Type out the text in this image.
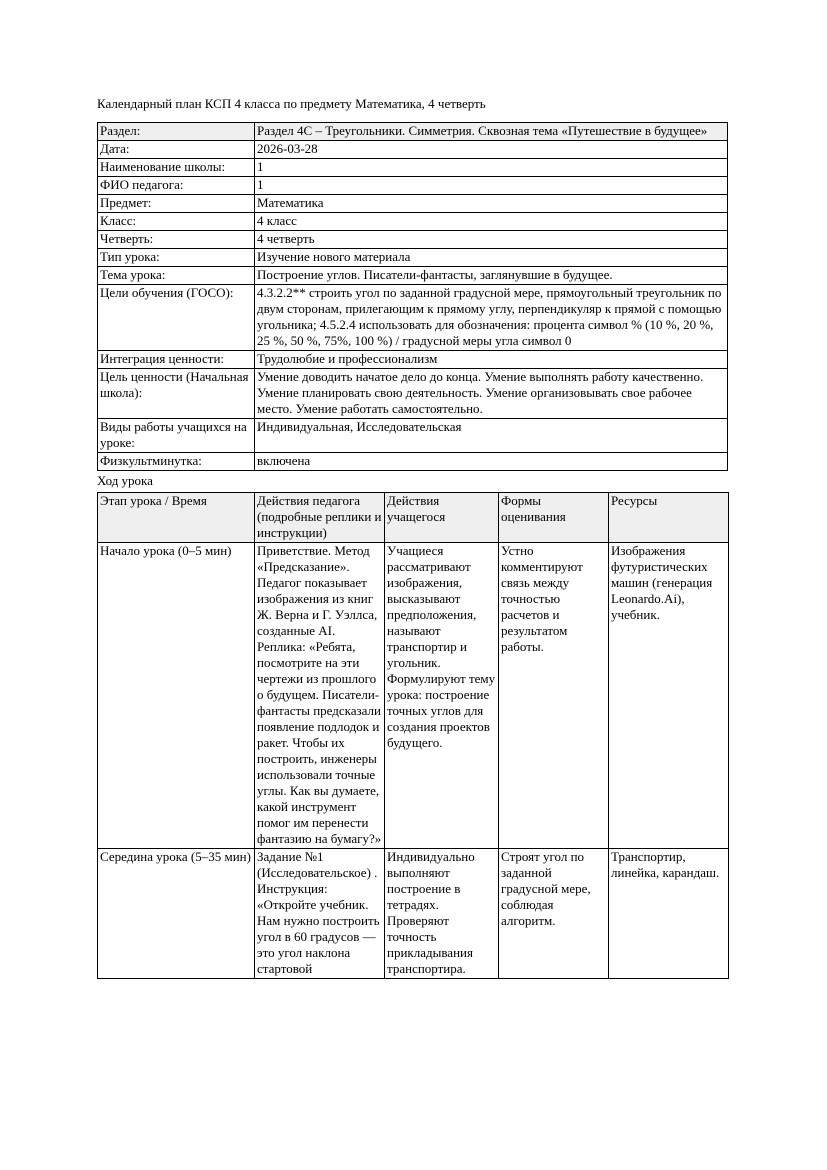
Календарный план КСП 4 класса по предмету Математика, 4 четверть

Раздел:	Раздел 4С – Треугольники. Симметрия. Сквозная тема «Путешествие в будущее»
Дата:	2026-03-28
Наименование школы:	1
ФИО педагога:	1
Предмет:	Математика
Класс:	4 класс
Четверть:	4 четверть
Тип урока:	Изучение нового материала
Тема урока:	Построение углов. Писатели-фантасты, заглянувшие в будущее.
Цели обучения (ГОСО):	4.3.2.2** строить угол по заданной градусной мере, прямоугольный треугольник по двум сторонам, прилегающим к прямому углу, перпендикуляр к прямой с помощью угольника; 4.5.2.4 использовать для обозначения: процента символ % (10 %, 20 %, 25 %, 50 %, 75%, 100 %) / градусной меры угла символ 0
Интеграция ценности:	Трудолюбие и профессионализм
Цель ценности (Начальная школа):	Умение доводить начатое дело до конца. Умение выполнять работу качественно. Умение планировать свою деятельность. Умение организовывать свое рабочее место. Умение работать самостоятельно.
Виды работы учащихся на уроке:	Индивидуальная, Исследовательская
Физкультминутка:	включена

Ход урока

Этап урока / Время	Действия педагога (подробные реплики и инструкции)	Действия учащегося	Формы оценивания	Ресурсы
Начало урока (0–5 мин)	Приветствие. Метод «Предсказание». Педагог показывает изображения из книг Ж. Верна и Г. Уэллса, созданные AI. Реплика: «Ребята, посмотрите на эти чертежи из прошлого о будущем. Писатели-фантасты предсказали появление подлодок и ракет. Чтобы их построить, инженеры использовали точные углы. Как вы думаете, какой инструмент помог им перенести фантазию на бумагу?»	Учащиеся рассматривают изображения, высказывают предположения, называют транспортир и угольник. Формулируют тему урока: построение точных углов для создания проектов будущего.	Устно комментируют связь между точностью расчетов и результатом работы.	Изображения футуристических машин (генерация Leonardo.Ai), учебник.

Середина урока (5–35 мин)	Задание №1 (Исследовательское) . Инструкция: «Откройте учебник. Нам нужно построить угол в 60 градусов — это угол наклона стартовой	Индивидуально выполняют построение в тетрадях. Проверяют точность прикладывания транспортира.	Строят угол по заданной градусной мере, соблюдая алгоритм.	Транспортир, линейка, карандаш.
